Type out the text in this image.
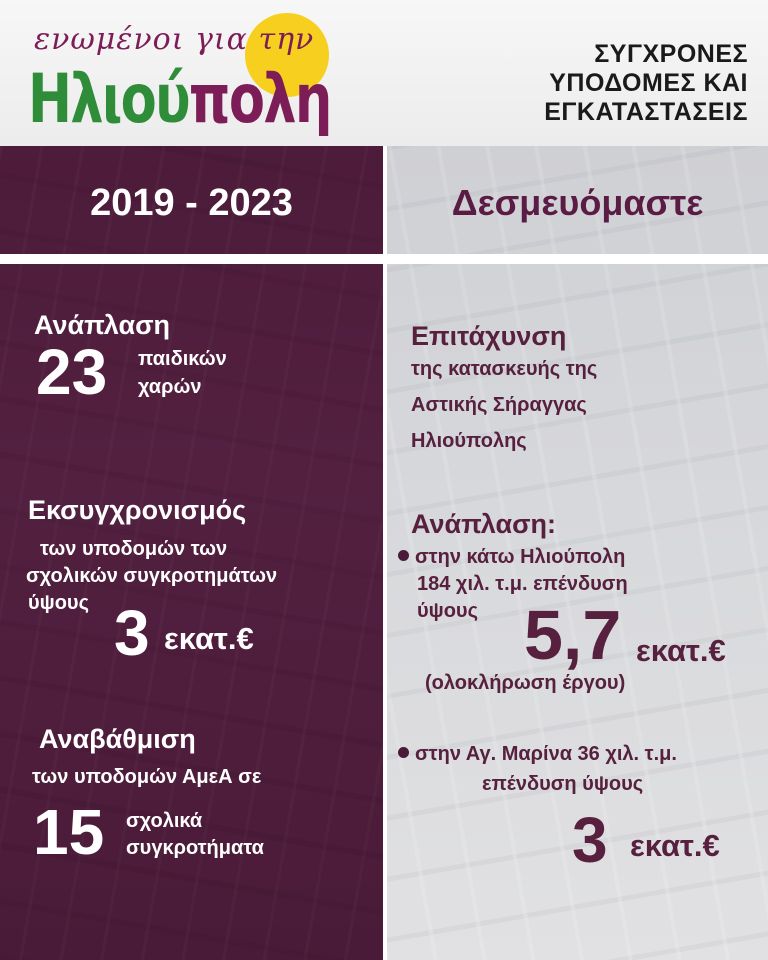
ενωμένοι για την
Ηλιούπολη
ΣΥΓΧΡΟΝΕΣ
ΥΠΟΔΟΜΕΣ ΚΑΙ
ΕΓΚΑΤΑΣΤΑΣΕΙΣ
2019 - 2023	Δεσμευόμαστε
Ανάπλαση
23 παιδικών
χαρών
Εκσυγχρονισμός
των υποδομών των
σχολικών συγκροτημάτων
ύψους 3 εκατ.€
Αναβάθμιση
των υποδομών ΑμεΑ σε
15 σχολικά
συγκροτήματα
Επιτάχυνση
της κατασκευής της
Αστικής Σήραγγας
Ηλιούπολης
Ανάπλαση:
στην κάτω Ηλιούπολη
184 χιλ. τ.μ. επένδυση
ύψους 5,7 εκατ.€
(ολοκλήρωση έργου)
στην Αγ. Μαρίνα 36 χιλ. τ.μ.
επένδυση ύψους
3 εκατ.€
